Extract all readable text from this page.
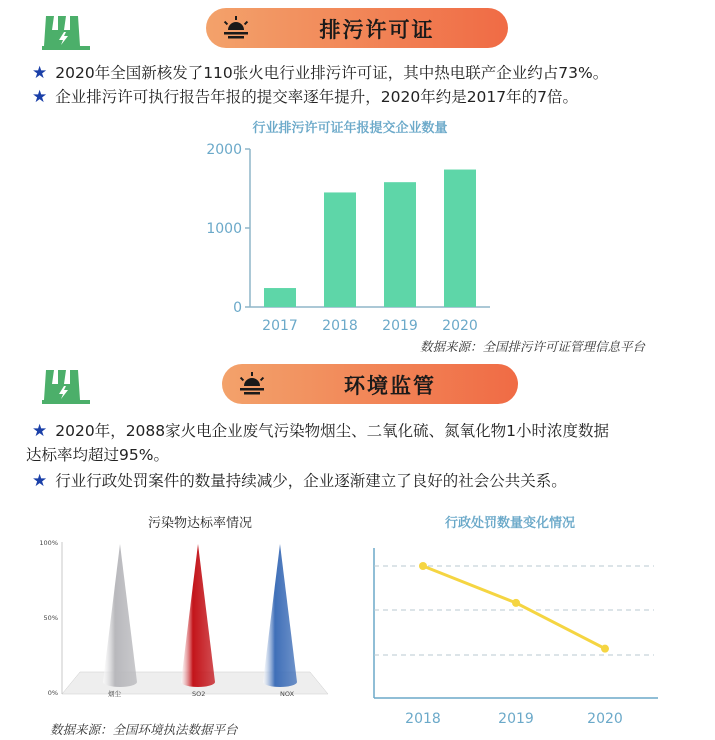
排污许可证
★ 2020年全国新核发了110张火电行业排污许可证，其中热电联产企业约占73%。
★ 企业排污许可执行报告年报的提交率逐年提升，2020年约是2017年的7倍。
行业排污许可证年报提交企业数量
0
1000
2000
2017 2018 2019 2020
数据来源：全国排污许可证管理信息平台
环境监管
★ 2020年，2088家火电企业废气污染物烟尘、二氧化硫、氮氧化物1小时浓度数据
达标率均超过95%。
★ 行业行政处罚案件的数量持续减少，企业逐渐建立了良好的社会公共关系。
污染物达标率情况
0%
50%
100%
烟尘	SO2	NOX
行政处罚数量变化情况
2018	2019	2020
数据来源：全国环境执法数据平台
